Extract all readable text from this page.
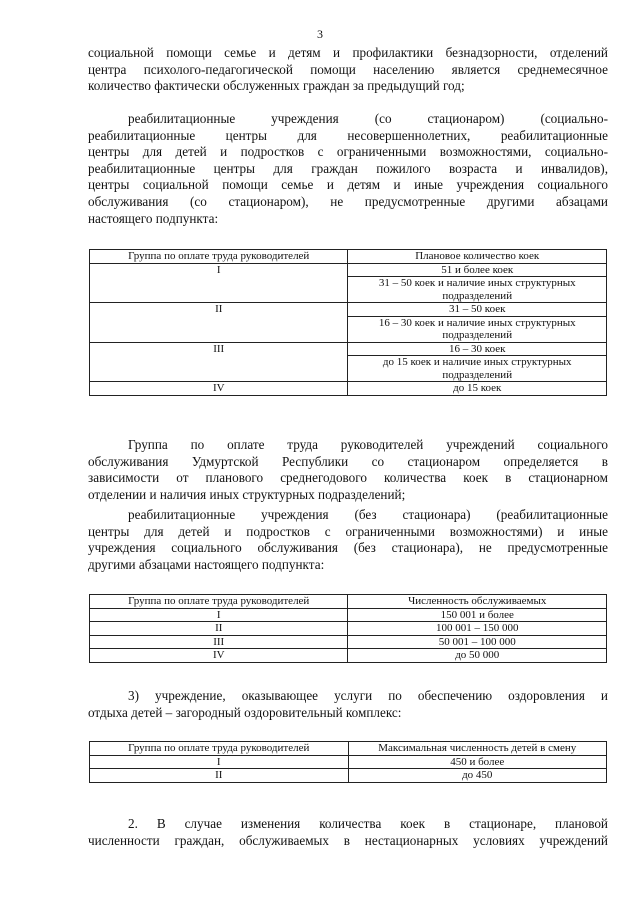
3
социальной помощи семье и детям и профилактики безнадзорности, отделений
центра психолого-педагогической помощи населению является среднемесячное
количество фактически обслуженных граждан за предыдущий год;
реабилитационные учреждения (со стационаром) (социально-
реабилитационные центры для несовершеннолетних, реабилитационные
центры для детей и подростков с ограниченными возможностями, социально-
реабилитационные центры для граждан пожилого возраста и инвалидов),
центры социальной помощи семье и детям и иные учреждения социального
обслуживания (со стационаром), не предусмотренные другими абзацами
настоящего подпункта:
Группа по оплате труда руководителей	Плановое количество коек
I	51 и более коек
	31 – 50 коек и наличие иных структурных подразделений
II	31 – 50 коек
	16 – 30 коек и наличие иных структурных подразделений
III	16 – 30 коек
	до 15 коек и наличие иных структурных подразделений
IV	до 15 коек
Группа по оплате труда руководителей учреждений социального
обслуживания Удмуртской Республики со стационаром определяется в
зависимости от планового среднегодового количества коек в стационарном
отделении и наличия иных структурных подразделений;
реабилитационные учреждения (без стационара) (реабилитационные
центры для детей и подростков с ограниченными возможностями) и иные
учреждения социального обслуживания (без стационара), не предусмотренные
другими абзацами настоящего подпункта:
Группа по оплате труда руководителей	Численность обслуживаемых
I	150 001 и более
II	100 001 – 150 000
III	50 001 – 100 000
IV	до 50 000
3) учреждение, оказывающее услуги по обеспечению оздоровления и
отдыха детей – загородный оздоровительный комплекс:
Группа по оплате труда руководителей	Максимальная численность детей в смену
I	450 и более
II	до 450
2. В случае изменения количества коек в стационаре, плановой
численности граждан, обслуживаемых в нестационарных условиях учреждений
